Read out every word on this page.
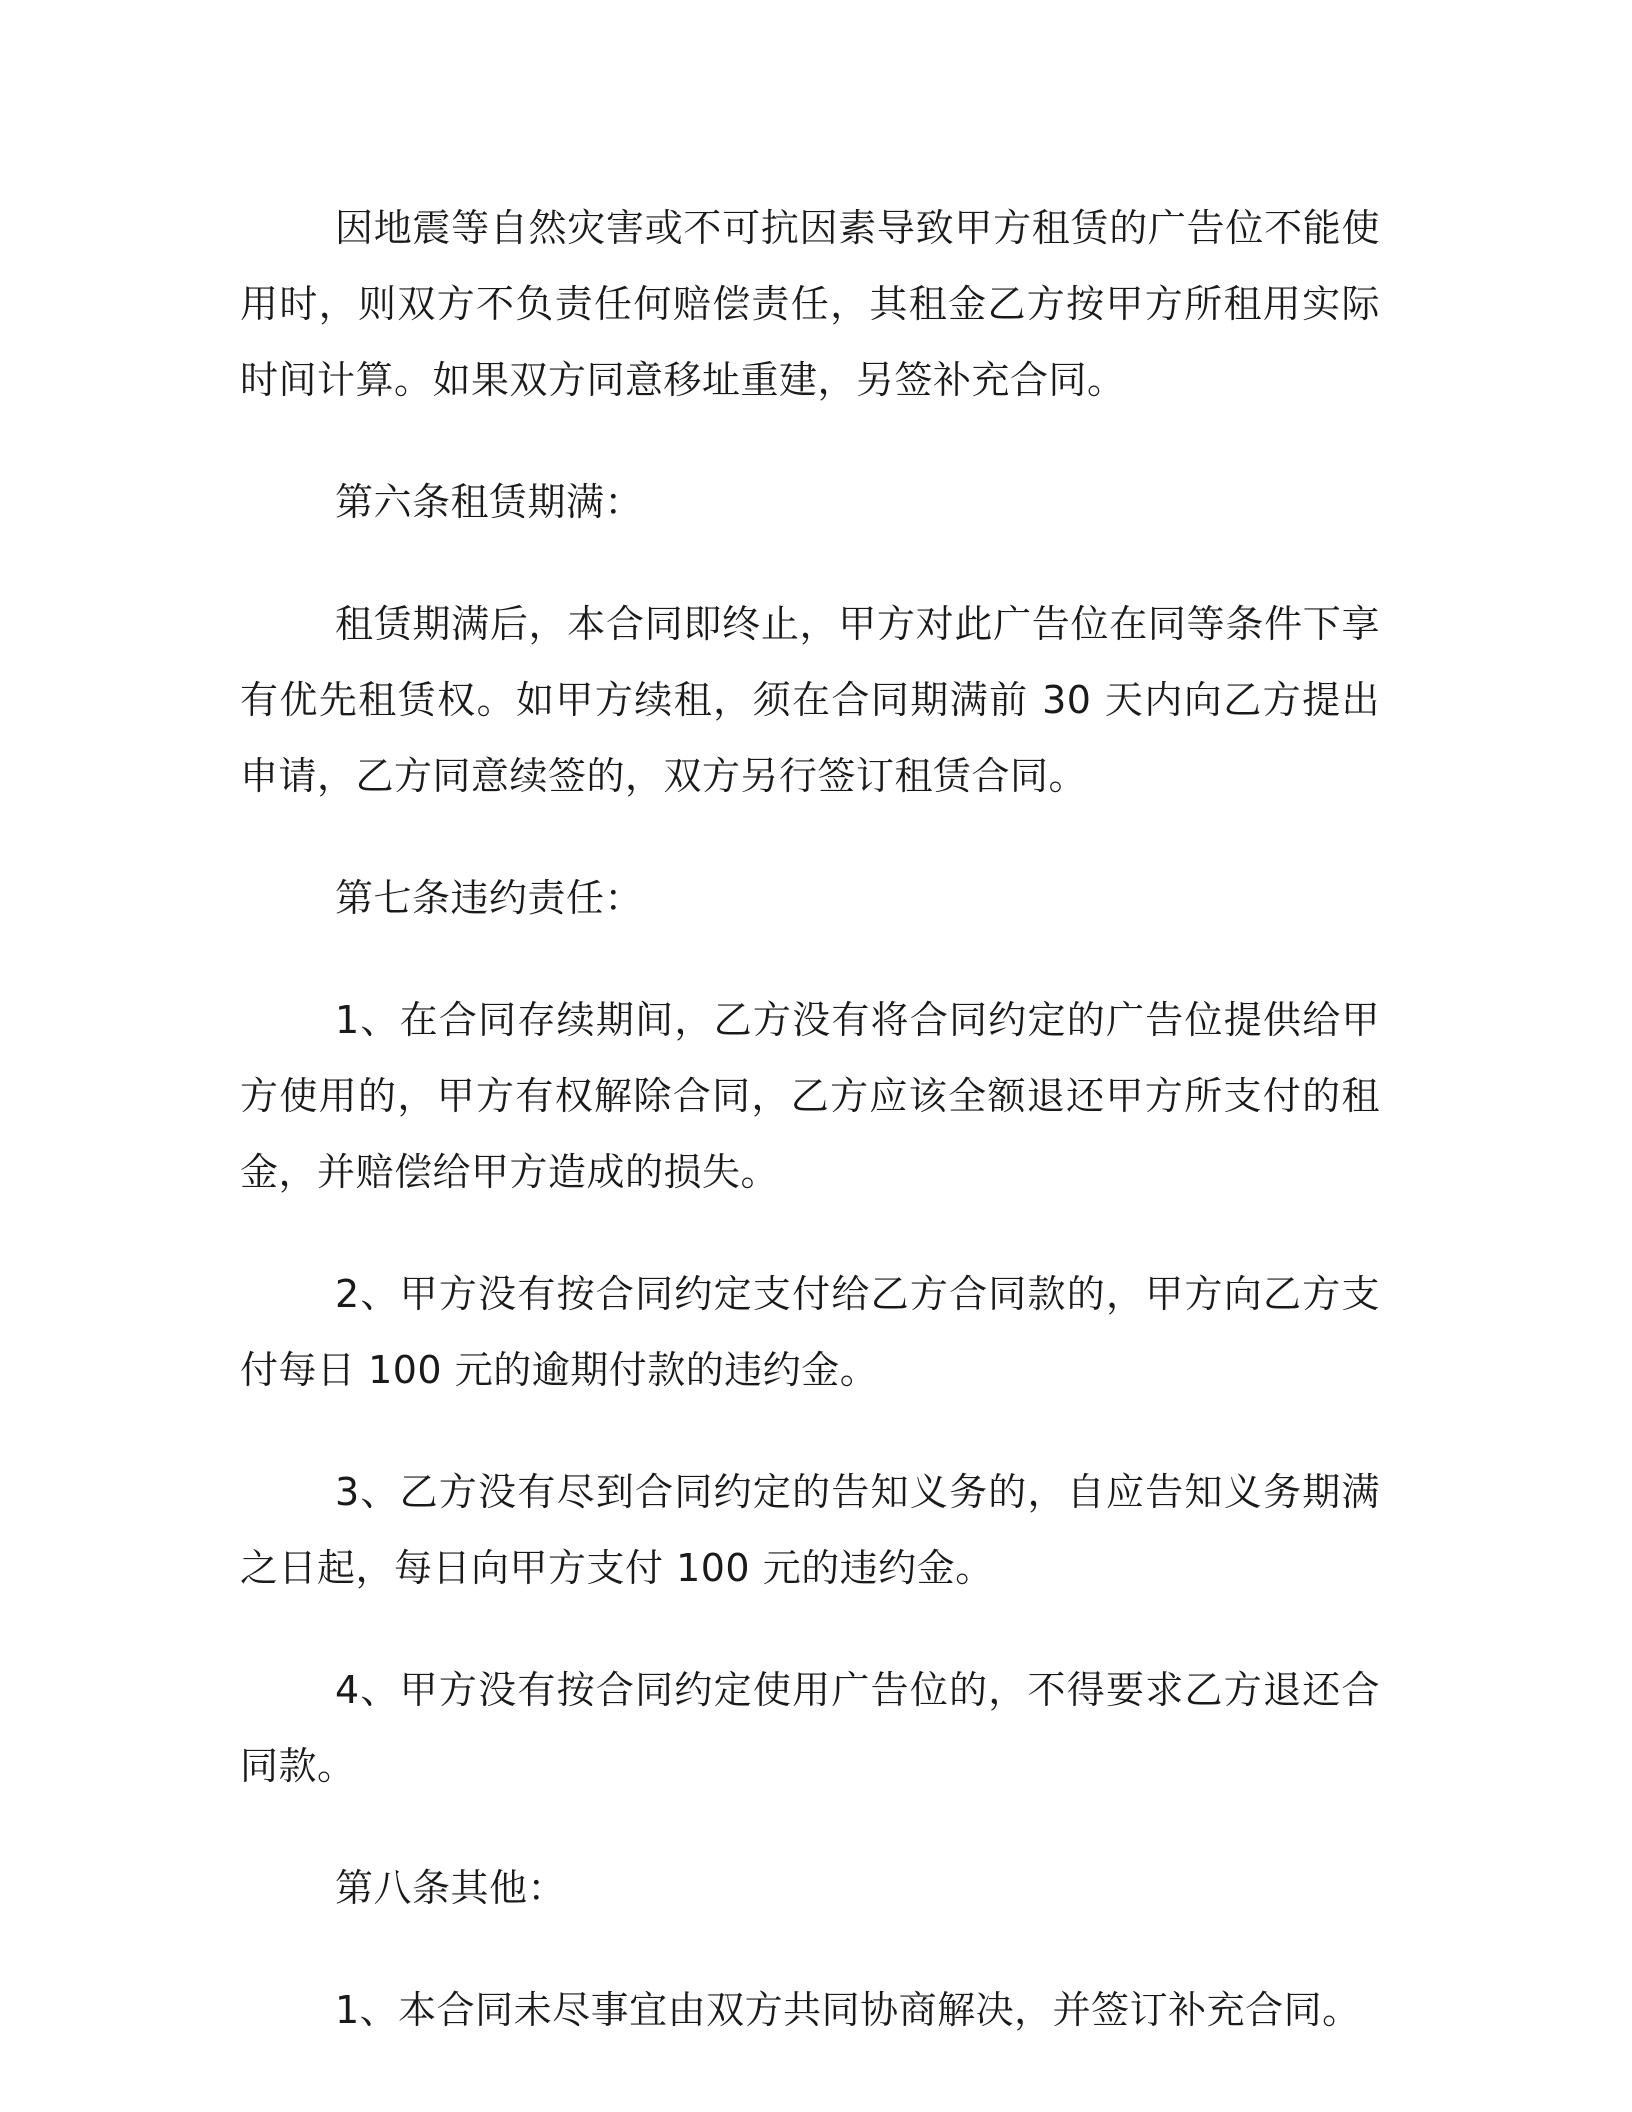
因地震等自然灾害或不可抗因素导致甲方租赁的广告位不能使用时，则双方不负责任何赔偿责任，其租金乙方按甲方所租用实际时间计算。如果双方同意移址重建，另签补充合同。

第六条租赁期满：

租赁期满后，本合同即终止，甲方对此广告位在同等条件下享有优先租赁权。如甲方续租，须在合同期满前 30 天内向乙方提出申请，乙方同意续签的，双方另行签订租赁合同。

第七条违约责任：

1、在合同存续期间，乙方没有将合同约定的广告位提供给甲方使用的，甲方有权解除合同，乙方应该全额退还甲方所支付的租金，并赔偿给甲方造成的损失。

2、甲方没有按合同约定支付给乙方合同款的，甲方向乙方支付每日 100 元的逾期付款的违约金。

3、乙方没有尽到合同约定的告知义务的，自应告知义务期满之日起，每日向甲方支付 100 元的违约金。

4、甲方没有按合同约定使用广告位的，不得要求乙方退还合同款。

第八条其他：

1、本合同未尽事宜由双方共同协商解决，并签订补充合同。
